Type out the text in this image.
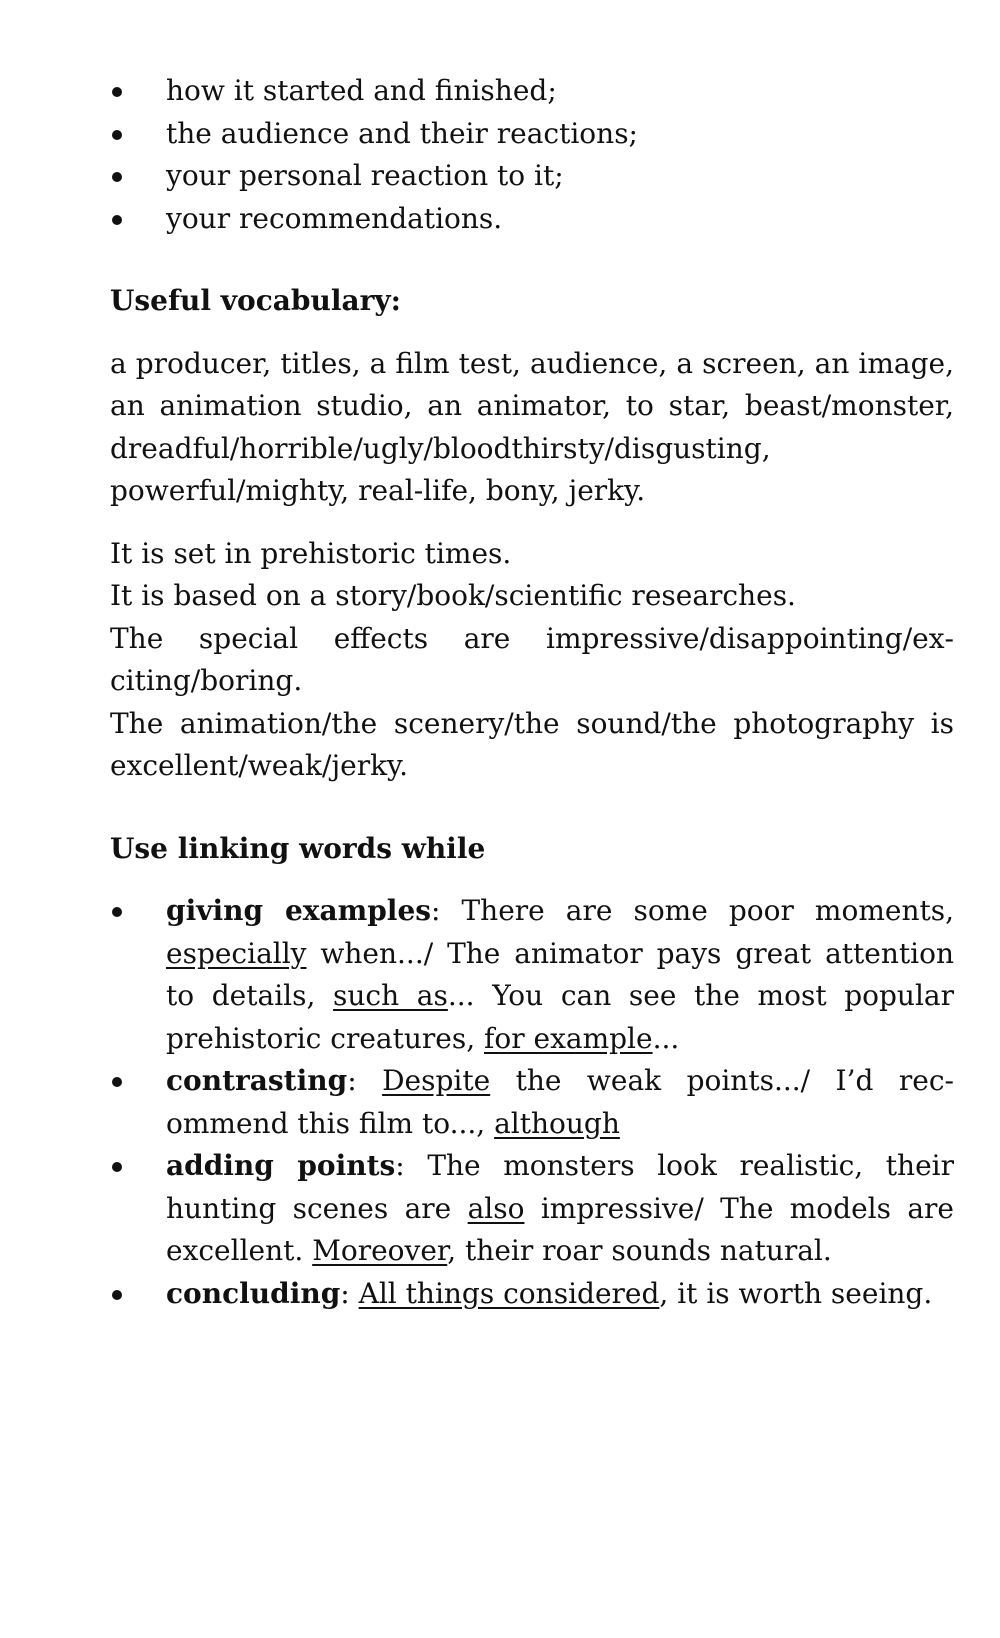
how it started and finished;
the audience and their reactions;
your personal reaction to it;
your recommendations.

Useful vocabulary:

a producer, titles, a film test, audience, a screen, an image, an animation studio, an animator, to star, beast/monster, dreadful/horrible/ugly/bloodthirsty/disgusting, powerful/mighty, real-life, bony, jerky.

It is set in prehistoric times.

It is based on a story/book/scientific researches.

The special effects are impressive/disappointing/exciting/boring.

The animation/the scenery/the sound/the photography is excellent/weak/jerky.

Use linking words while

giving examples: There are some poor moments, especially when.../ The animator pays great attention to details, such as... You can see the most popular prehistoric creatures, for example...
contrasting: Despite the weak points.../ I’d recommend this film to..., although
adding points: The monsters look realistic, their hunting scenes are also impressive/ The models are excellent. Moreover, their roar sounds natural.
concluding: All things considered, it is worth seeing.
